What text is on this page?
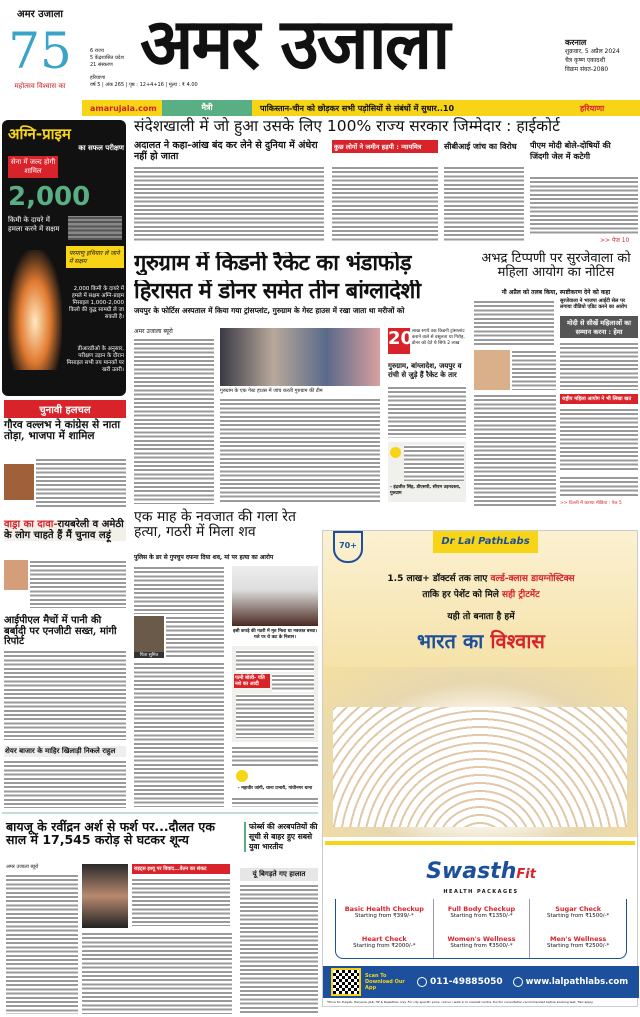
अमर उजाला
75
महोत्सव विश्वास का
6 राज्य
5 केंद्रशासित प्रदेश
21 संस्करण
हरियाणा
वर्ष 5 | अंक 265 | पृष्ठ : 12+4+16 | मूल्य : ₹ 4.00
अमर उजाला	करनाल
शुक्रवार, 5 अप्रैल 2024
चैत्र कृष्ण एकादशी
विक्रम संवत-2080
amarujala.com	मैत्री	पाकिस्तान-चीन को छोड़कर सभी पड़ोसियों से संबंधों में सुधार..10	हरियाणा
अग्नि-प्राइम
का सफल परीक्षण
सेना में जल्द होगी शामिल
2,000
किमी के दायरे में हमला करने में सक्षम
परमाणु हथियार ले जाने में सक्षम
2,000 किमी के दायरे में हमले में सक्षम अग्नि-प्राइम मिसाइल 1,000-2,000 किलो की युद्ध सामग्री ले जा सकती है।
डीआरडीओ के अनुसार, परीक्षण उड़ान के दौरान मिसाइल सभी तय मानकों पर खरी उतरी।
चुनावी हलचल
गौरव वल्लभ ने कांग्रेस से नाता तोड़ा, भाजपा में शामिल
वाड्रा का दावा-रायबरेली व अमेठी के लोग चाहते हैं मैं चुनाव लड़ूं
आईपीएल मैचों में पानी की बर्बादी पर एनजीटी सख्त, मांगी रिपोर्ट
शेयर बाजार के माहिर खिलाड़ी निकले राहुल
संदेशखाली में जो हुआ उसके लिए 100% राज्य सरकार जिम्मेदार : हाईकोर्ट
अदालत ने कहा-आंख बंद कर लेने से दुनिया में अंधेरा नहीं हो जाता
कुछ लोगों ने जमीन हड़पी : न्यायमित्र	सीबीआई जांच का विरोध	पीएम मोदी बोले-दोषियों की जिंदगी जेल में कटेगी
>> पेज 10
गुरुग्राम में किडनी रैकेट का भंडाफोड़
हिरासत में डोनर समेत तीन बांग्लादेशी
जयपुर के फोर्टिस अस्पताल में किया गया ट्रांसप्लांट, गुरुग्राम के गेस्ट हाउस में रखा जाता था मरीजों को
अमर उजाला ब्यूरो
गुरुग्राम के एक गेस्ट हाउस में जांच करती गुरुग्राम की टीम
20
लाख रुपये तक किडनी ट्रांसप्लांट कराने वाले से वसूलता था गिरोह, डोनर को देते थे सिर्फ 2 लाख
गुरुग्राम, बांग्लादेश, जयपुर व रांची से जुड़े हैं रैकेट के तार
- इंद्रजीत सिंह, डीएसपी, सीएम उड़नदस्ता, गुरुग्राम
अभद्र टिप्पणी पर सुरजेवाला को महिला आयोग का नोटिस
नौ अप्रैल को तलब किया, स्पष्टीकरण देने को कहा
सुरजेवाला ने भाजपा आईटी सेल पर लगाया वीडियो एडिट करने का आरोप
मोदी से सीखें महिलाओं का सम्मान करना : हेमा
राष्ट्रीय महिला आयोग ने भी लिखा खत
>> दिल्ली में कराया मीडिया : पेज 5
एक माह के नवजात की गला रेत हत्या, गठरी में मिला शव
पुलिस के डर से गुपचुप दफना दिया शव, मां पर हत्या का आरोप
पिता सुमित
इसी कपड़े की गठरी में मृत मिला था नवजात बच्चा। गले पर थे कट के निशान।
पत्नी बोली- पति नशे का आदी
- महावीर जांगी, थाना प्रभारी, गांधीनगर थाना
बायजू के रवींद्रन अर्श से फर्श पर...दौलत एक साल में 17,545 करोड़ से घटकर शून्य
अमर उजाला ब्यूरो	राइट्स इश्यू पर विवाद...वेतन का संकट
फोर्ब्स की अरबपतियों की सूची से बाहर हुए सबसे युवा भारतीय
यूं बिगड़ते गए हालात
70+	Dr Lal PathLabs
1.5 लाख+ डॉक्टर्स तक लाए वर्ल्ड-क्लास डायग्नोस्टिक्स
ताकि हर पेशेंट को मिले सही ट्रीटमेंट
यही तो बनाता है हमें
भारत का विश्वास
SwasthFit
HEALTH PACKAGES
Basic Health Checkup
Starting from ₹399/-*
Full Body Checkup
Starting from ₹1350/-*
Sugar Check
Starting from ₹1500/-*
Heart Check
Starting from ₹2000/-*
Women's Wellness
Starting from ₹3500/-*
Men's Wellness
Starting from ₹2500/-*
Scan To Download Our App
011-49885050	www.lalpathlabs.com
*Price for Punjab, Haryana, J&K, HP & Rajasthan only. For city specific price, call us / walk in to nearest centre. Doctor consultation recommended before booking test. T&C apply.
